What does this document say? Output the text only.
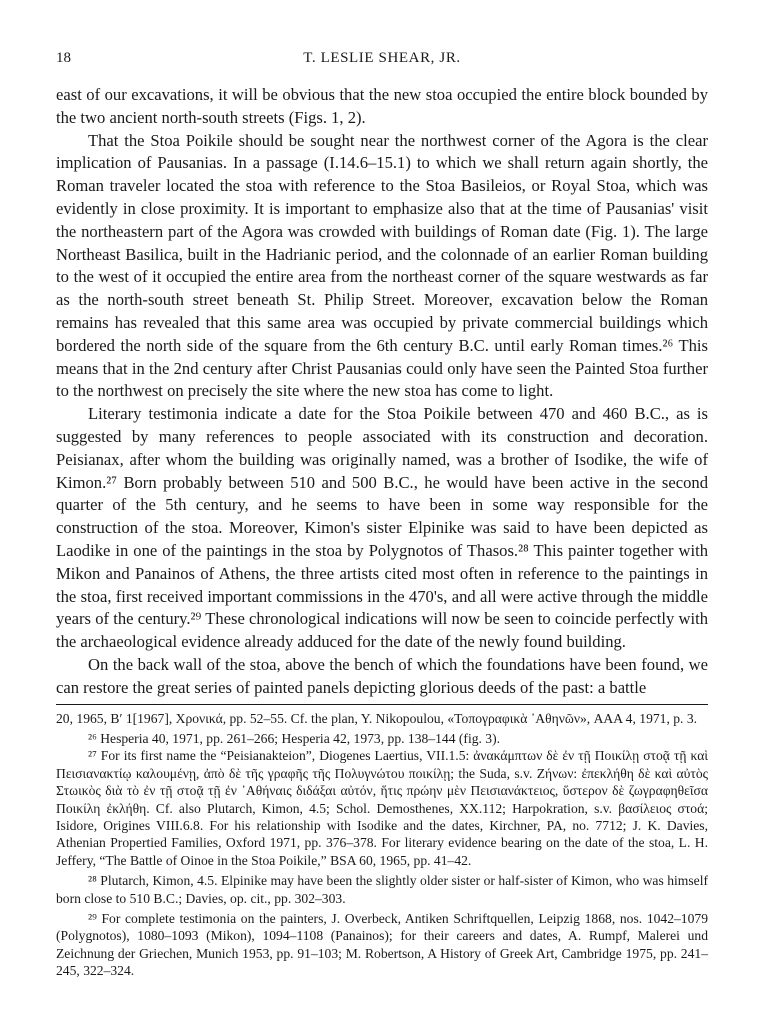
18	T. LESLIE SHEAR, JR.

east of our excavations, it will be obvious that the new stoa occupied the entire block bounded by the two ancient north-south streets (Figs. 1, 2).

That the Stoa Poikile should be sought near the northwest corner of the Agora is the clear implication of Pausanias. In a passage (I.14.6–15.1) to which we shall return again shortly, the Roman traveler located the stoa with reference to the Stoa Basileios, or Royal Stoa, which was evidently in close proximity. It is important to emphasize also that at the time of Pausanias' visit the northeastern part of the Agora was crowded with buildings of Roman date (Fig. 1). The large Northeast Basilica, built in the Hadrianic period, and the colonnade of an earlier Roman building to the west of it occupied the entire area from the northeast corner of the square westwards as far as the north-south street beneath St. Philip Street. Moreover, excavation below the Roman remains has revealed that this same area was occupied by private commercial buildings which bordered the north side of the square from the 6th century B.C. until early Roman times.²⁶ This means that in the 2nd century after Christ Pausanias could only have seen the Painted Stoa further to the northwest on precisely the site where the new stoa has come to light.

Literary testimonia indicate a date for the Stoa Poikile between 470 and 460 B.C., as is suggested by many references to people associated with its construction and decoration. Peisianax, after whom the building was originally named, was a brother of Isodike, the wife of Kimon.²⁷ Born probably between 510 and 500 B.C., he would have been active in the second quarter of the 5th century, and he seems to have been in some way responsible for the construction of the stoa. Moreover, Kimon's sister Elpinike was said to have been depicted as Laodike in one of the paintings in the stoa by Polygnotos of Thasos.²⁸ This painter together with Mikon and Panainos of Athens, the three artists cited most often in reference to the paintings in the stoa, first received important commissions in the 470's, and all were active through the middle years of the century.²⁹ These chronological indications will now be seen to coincide perfectly with the archaeological evidence already adduced for the date of the newly found building.

On the back wall of the stoa, above the bench of which the foundations have been found, we can restore the great series of painted panels depicting glorious deeds of the past: a battle

20, 1965, Β′ 1[1967], Χρονικά, pp. 52–55. Cf. the plan, Y. Nikopoulou, «Τοπογραφικὰ ᾽Αθηνῶν», AAA 4, 1971, p. 3.

²⁶ Hesperia 40, 1971, pp. 261–266; Hesperia 42, 1973, pp. 138–144 (fig. 3).

²⁷ For its first name the “Peisianakteion”, Diogenes Laertius, VII.1.5: ἀνακάμπτων δὲ ἐν τῇ Ποικίλῃ στοᾷ τῇ καὶ Πεισιανακτίῳ καλουμένῃ, ἀπὸ δὲ τῆς γραφῆς τῆς Πολυγνώτου ποικίλῃ; the Suda, s.v. Ζήνων: ἐπεκλήθη δὲ καὶ αὐτὸς Στωικὸς διὰ τὸ ἐν τῇ στοᾷ τῇ ἐν ᾽Αθήναις διδάξαι αὐτόν, ἥτις πρώην μὲν Πεισιανάκτειος, ὕστερον δὲ ζωγραφηθεῖσα Ποικίλη ἐκλήθη. Cf. also Plutarch, Kimon, 4.5; Schol. Demosthenes, XX.112; Harpokration, s.v. βασίλειος στοά; Isidore, Origines VIII.6.8. For his relationship with Isodike and the dates, Kirchner, PA, no. 7712; J. K. Davies, Athenian Propertied Families, Oxford 1971, pp. 376–378. For literary evidence bearing on the date of the stoa, L. H. Jeffery, “The Battle of Oinoe in the Stoa Poikile,” BSA 60, 1965, pp. 41–42.

²⁸ Plutarch, Kimon, 4.5. Elpinike may have been the slightly older sister or half-sister of Kimon, who was himself born close to 510 B.C.; Davies, op. cit., pp. 302–303.

²⁹ For complete testimonia on the painters, J. Overbeck, Antiken Schriftquellen, Leipzig 1868, nos. 1042–1079 (Polygnotos), 1080–1093 (Mikon), 1094–1108 (Panainos); for their careers and dates, A. Rumpf, Malerei und Zeichnung der Griechen, Munich 1953, pp. 91–103; M. Robertson, A History of Greek Art, Cambridge 1975, pp. 241–245, 322–324.
